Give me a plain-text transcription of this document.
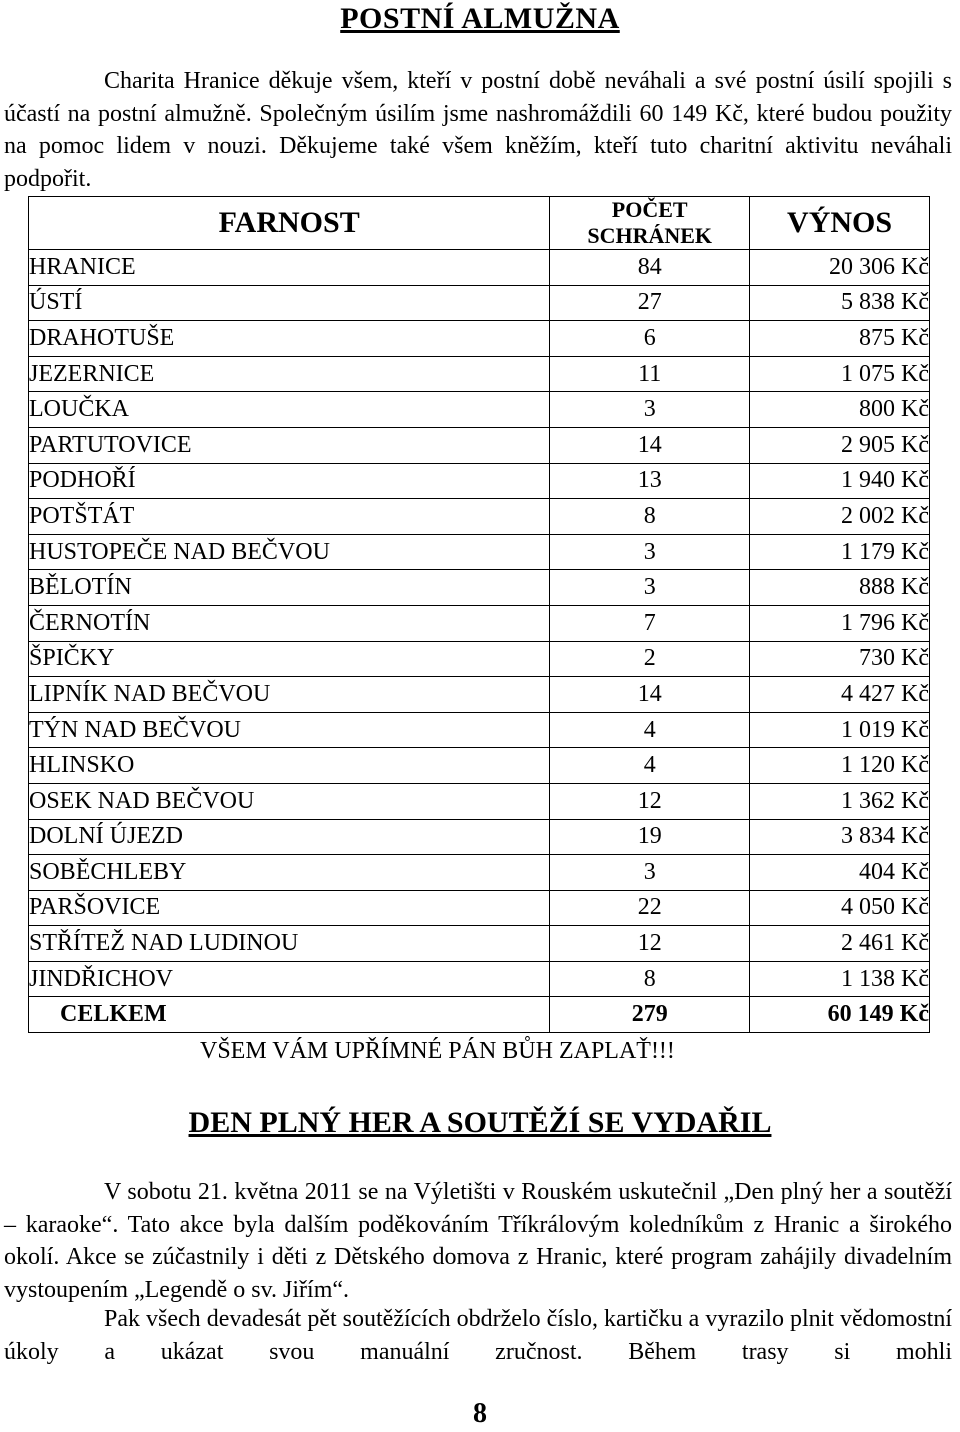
POSTNÍ ALMUŽNA
Charita Hranice děkuje všem, kteří v postní době neváhali a své postní úsilí spojili s účastí na postní almužně. Společným úsilím jsme nashromáždili 60 149 Kč, které budou použity na pomoc lidem v nouzi. Děkujeme také všem kněžím, kteří tuto charitní aktivitu neváhali podpořit.
FARNOST	POČET SCHRÁNEK	VÝNOS
HRANICE	84	20 306 Kč
ÚSTÍ	27	5 838 Kč
DRAHOTUŠE	6	875 Kč
JEZERNICE	11	1 075 Kč
LOUČKA	3	800 Kč
PARTUTOVICE	14	2 905 Kč
PODHOŘÍ	13	1 940 Kč
POTŠTÁT	8	2 002 Kč
HUSTOPEČE NAD BEČVOU	3	1 179 Kč
BĚLOTÍN	3	888 Kč
ČERNOTÍN	7	1 796 Kč
ŠPIČKY	2	730 Kč
LIPNÍK NAD BEČVOU	14	4 427 Kč
TÝN NAD BEČVOU	4	1 019 Kč
HLINSKO	4	1 120 Kč
OSEK NAD BEČVOU	12	1 362 Kč
DOLNÍ ÚJEZD	19	3 834 Kč
SOBĚCHLEBY	3	404 Kč
PARŠOVICE	22	4 050 Kč
STŘÍTEŽ NAD LUDINOU	12	2 461 Kč
JINDŘICHOV	8	1 138 Kč
CELKEM	279	60 149 Kč
VŠEM VÁM UPŘÍMNÉ PÁN BŮH ZAPLAŤ!!!
DEN PLNÝ HER A SOUTĚŽÍ SE VYDAŘIL
V sobotu 21. května 2011 se na Výletišti v Rouském uskutečnil „Den plný her a soutěží – karaoke“. Tato akce byla dalším poděkováním Tříkrálovým koledníkům z Hranic a širokého okolí. Akce se zúčastnily i děti z Dětského domova z Hranic, které program zahájily divadelním vystoupením „Legendě o sv. Jiřím“.
Pak všech devadesát pět soutěžících obdrželo číslo, kartičku a vyrazilo plnit vědomostní úkoly a ukázat svou manuální zručnost. Během trasy si mohli
8
